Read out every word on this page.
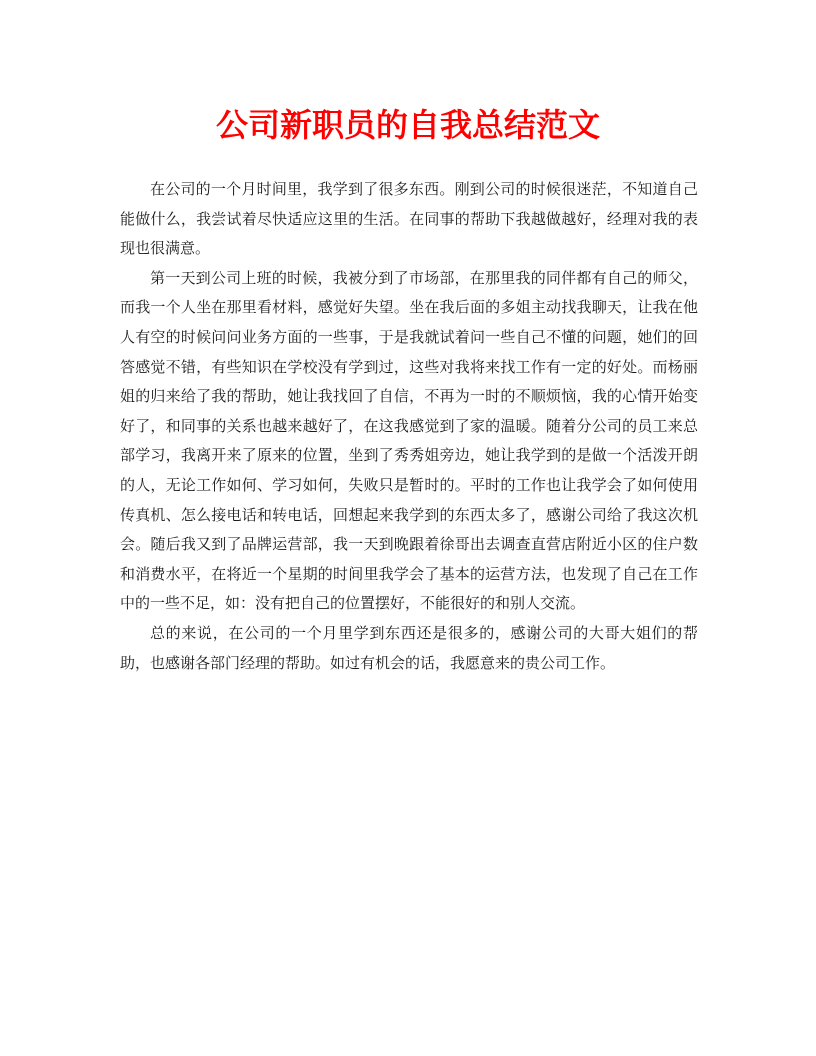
公司新职员的自我总结范文

在公司的一个月时间里，我学到了很多东西。刚到公司的时候很迷茫，不知道自己能做什么，我尝试着尽快适应这里的生活。在同事的帮助下我越做越好，经理对我的表现也很满意。

第一天到公司上班的时候，我被分到了市场部，在那里我的同伴都有自己的师父，而我一个人坐在那里看材料，感觉好失望。坐在我后面的多姐主动找我聊天，让我在他人有空的时候问问业务方面的一些事，于是我就试着问一些自己不懂的问题，她们的回答感觉不错，有些知识在学校没有学到过，这些对我将来找工作有一定的好处。而杨丽姐的归来给了我的帮助，她让我找回了自信，不再为一时的不顺烦恼，我的心情开始变好了，和同事的关系也越来越好了，在这我感觉到了家的温暖。随着分公司的员工来总部学习，我离开来了原来的位置，坐到了秀秀姐旁边，她让我学到的是做一个活泼开朗的人，无论工作如何、学习如何，失败只是暂时的。平时的工作也让我学会了如何使用传真机、怎么接电话和转电话，回想起来我学到的东西太多了，感谢公司给了我这次机会。随后我又到了品牌运营部，我一天到晚跟着徐哥出去调查直营店附近小区的住户数和消费水平，在将近一个星期的时间里我学会了基本的运营方法，也发现了自己在工作中的一些不足，如：没有把自己的位置摆好，不能很好的和别人交流。

总的来说，在公司的一个月里学到东西还是很多的，感谢公司的大哥大姐们的帮助，也感谢各部门经理的帮助。如过有机会的话，我愿意来的贵公司工作。
